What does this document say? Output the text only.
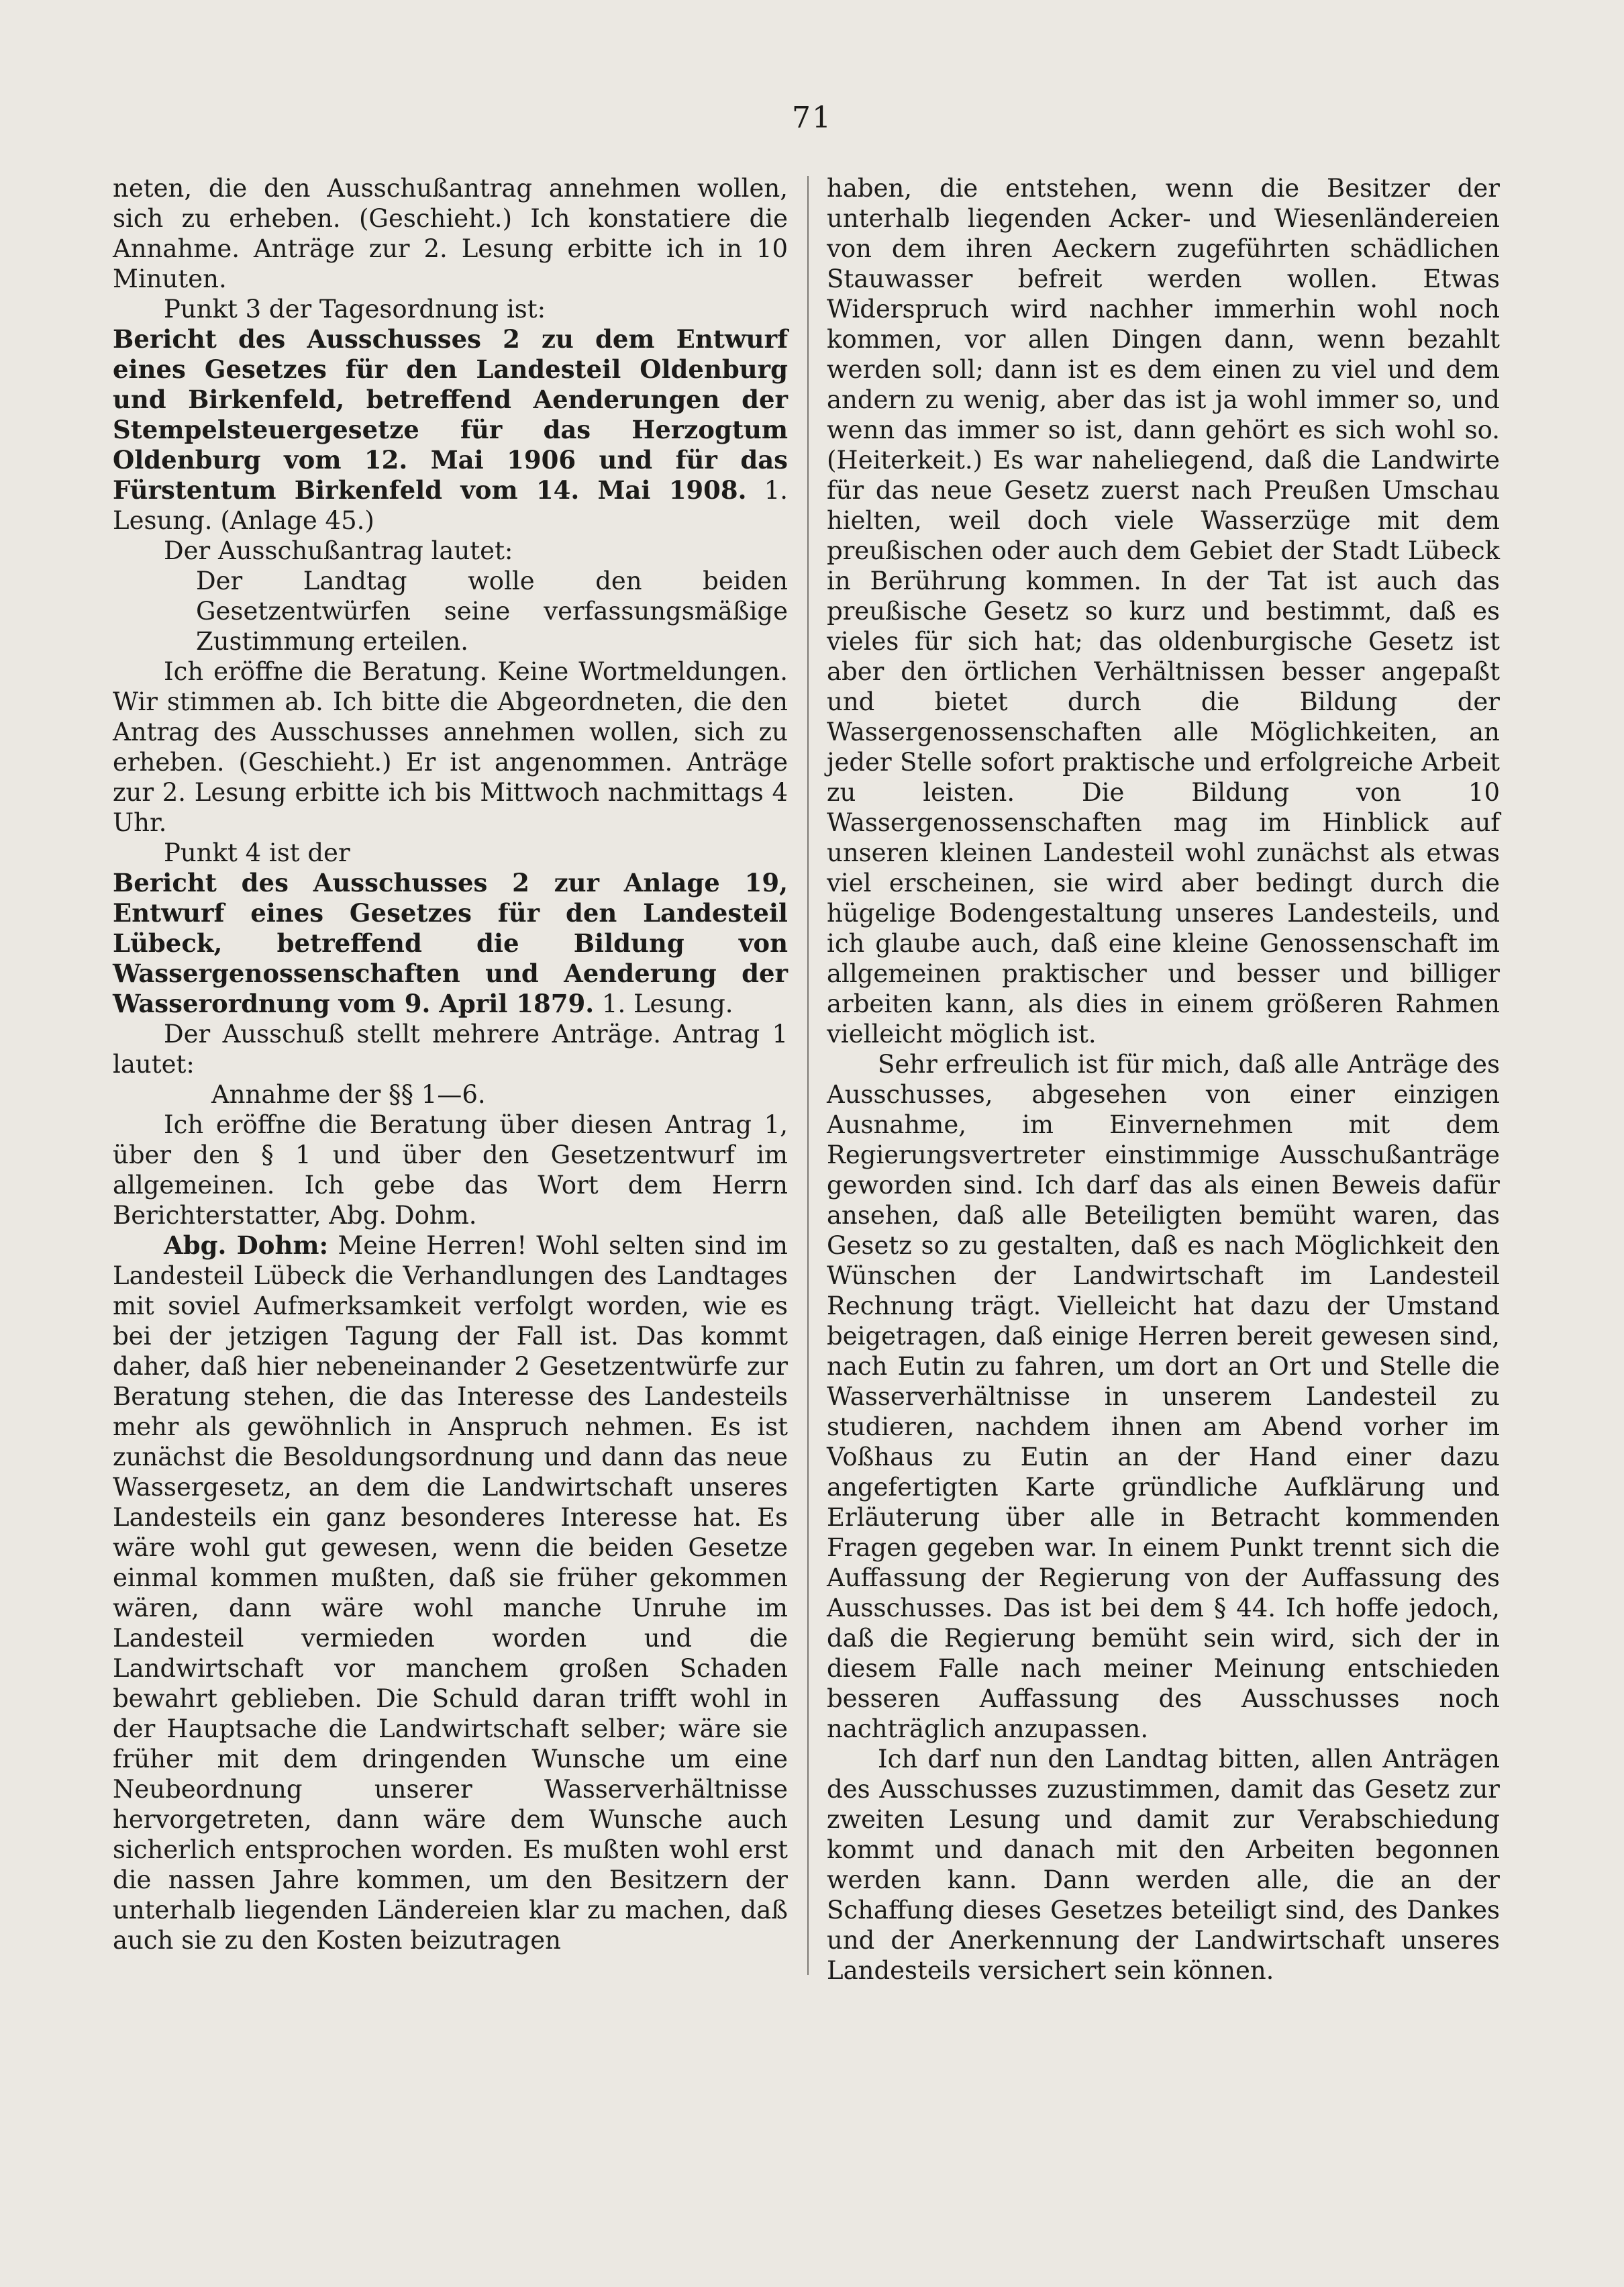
71

neten, die den Ausschußantrag annehmen wollen, sich zu erheben. (Geschieht.) Ich konstatiere die Annahme. Anträge zur 2. Lesung erbitte ich in 10 Minuten.

Punkt 3 der Tagesordnung ist:

Bericht des Ausschusses 2 zu dem Entwurf eines Gesetzes für den Landesteil Oldenburg und Birkenfeld, betreffend Aenderungen der Stempelsteuergesetze für das Herzogtum Oldenburg vom 12. Mai 1906 und für das Fürstentum Birkenfeld vom 14. Mai 1908. 1. Lesung. (Anlage 45.)

Der Ausschußantrag lautet:

Der Landtag wolle den beiden Gesetzentwürfen seine verfassungsmäßige Zustimmung erteilen.

Ich eröffne die Beratung. Keine Wortmeldungen. Wir stimmen ab. Ich bitte die Abgeordneten, die den Antrag des Ausschusses annehmen wollen, sich zu erheben. (Geschieht.) Er ist angenommen. Anträge zur 2. Lesung erbitte ich bis Mittwoch nachmittags 4 Uhr.

Punkt 4 ist der

Bericht des Ausschusses 2 zur Anlage 19, Entwurf eines Gesetzes für den Landesteil Lübeck, betreffend die Bildung von Wassergenossenschaften und Aenderung der Wasserordnung vom 9. April 1879. 1. Lesung.

Der Ausschuß stellt mehrere Anträge. Antrag 1 lautet:

Annahme der §§ 1—6.

Ich eröffne die Beratung über diesen Antrag 1, über den § 1 und über den Gesetzentwurf im allgemeinen. Ich gebe das Wort dem Herrn Berichterstatter, Abg. Dohm.

Abg. Dohm: Meine Herren! Wohl selten sind im Landesteil Lübeck die Verhandlungen des Landtages mit soviel Aufmerksamkeit verfolgt worden, wie es bei der jetzigen Tagung der Fall ist. Das kommt daher, daß hier nebeneinander 2 Gesetzentwürfe zur Beratung stehen, die das Interesse des Landesteils mehr als gewöhnlich in Anspruch nehmen. Es ist zunächst die Besoldungsordnung und dann das neue Wassergesetz, an dem die Landwirtschaft unseres Landesteils ein ganz besonderes Interesse hat. Es wäre wohl gut gewesen, wenn die beiden Gesetze einmal kommen mußten, daß sie früher gekommen wären, dann wäre wohl manche Unruhe im Landesteil vermieden worden und die Landwirtschaft vor manchem großen Schaden bewahrt geblieben. Die Schuld daran trifft wohl in der Hauptsache die Landwirtschaft selber; wäre sie früher mit dem dringenden Wunsche um eine Neubeordnung unserer Wasserverhältnisse hervorgetreten, dann wäre dem Wunsche auch sicherlich entsprochen worden. Es mußten wohl erst die nassen Jahre kommen, um den Besitzern der unterhalb liegenden Ländereien klar zu machen, daß auch sie zu den Kosten beizutragen

haben, die entstehen, wenn die Besitzer der unterhalb liegenden Acker- und Wiesenländereien von dem ihren Aeckern zugeführten schädlichen Stauwasser befreit werden wollen. Etwas Widerspruch wird nachher immerhin wohl noch kommen, vor allen Dingen dann, wenn bezahlt werden soll; dann ist es dem einen zu viel und dem andern zu wenig, aber das ist ja wohl immer so, und wenn das immer so ist, dann gehört es sich wohl so. (Heiterkeit.) Es war naheliegend, daß die Landwirte für das neue Gesetz zuerst nach Preußen Umschau hielten, weil doch viele Wasserzüge mit dem preußischen oder auch dem Gebiet der Stadt Lübeck in Berührung kommen. In der Tat ist auch das preußische Gesetz so kurz und bestimmt, daß es vieles für sich hat; das oldenburgische Gesetz ist aber den örtlichen Verhältnissen besser angepaßt und bietet durch die Bildung der Wassergenossenschaften alle Möglichkeiten, an jeder Stelle sofort praktische und erfolgreiche Arbeit zu leisten. Die Bildung von 10 Wassergenossenschaften mag im Hinblick auf unseren kleinen Landesteil wohl zunächst als etwas viel erscheinen, sie wird aber bedingt durch die hügelige Bodengestaltung unseres Landesteils, und ich glaube auch, daß eine kleine Genossenschaft im allgemeinen praktischer und besser und billiger arbeiten kann, als dies in einem größeren Rahmen vielleicht möglich ist.

Sehr erfreulich ist für mich, daß alle Anträge des Ausschusses, abgesehen von einer einzigen Ausnahme, im Einvernehmen mit dem Regierungsvertreter einstimmige Ausschußanträge geworden sind. Ich darf das als einen Beweis dafür ansehen, daß alle Beteiligten bemüht waren, das Gesetz so zu gestalten, daß es nach Möglichkeit den Wünschen der Landwirtschaft im Landesteil Rechnung trägt. Vielleicht hat dazu der Umstand beigetragen, daß einige Herren bereit gewesen sind, nach Eutin zu fahren, um dort an Ort und Stelle die Wasserverhältnisse in unserem Landesteil zu studieren, nachdem ihnen am Abend vorher im Voßhaus zu Eutin an der Hand einer dazu angefertigten Karte gründliche Aufklärung und Erläuterung über alle in Betracht kommenden Fragen gegeben war. In einem Punkt trennt sich die Auffassung der Regierung von der Auffassung des Ausschusses. Das ist bei dem § 44. Ich hoffe jedoch, daß die Regierung bemüht sein wird, sich der in diesem Falle nach meiner Meinung entschieden besseren Auffassung des Ausschusses noch nachträglich anzupassen.

Ich darf nun den Landtag bitten, allen Anträgen des Ausschusses zuzustimmen, damit das Gesetz zur zweiten Lesung und damit zur Verabschiedung kommt und danach mit den Arbeiten begonnen werden kann. Dann werden alle, die an der Schaffung dieses Gesetzes beteiligt sind, des Dankes und der Anerkennung der Landwirtschaft unseres Landesteils versichert sein können.
